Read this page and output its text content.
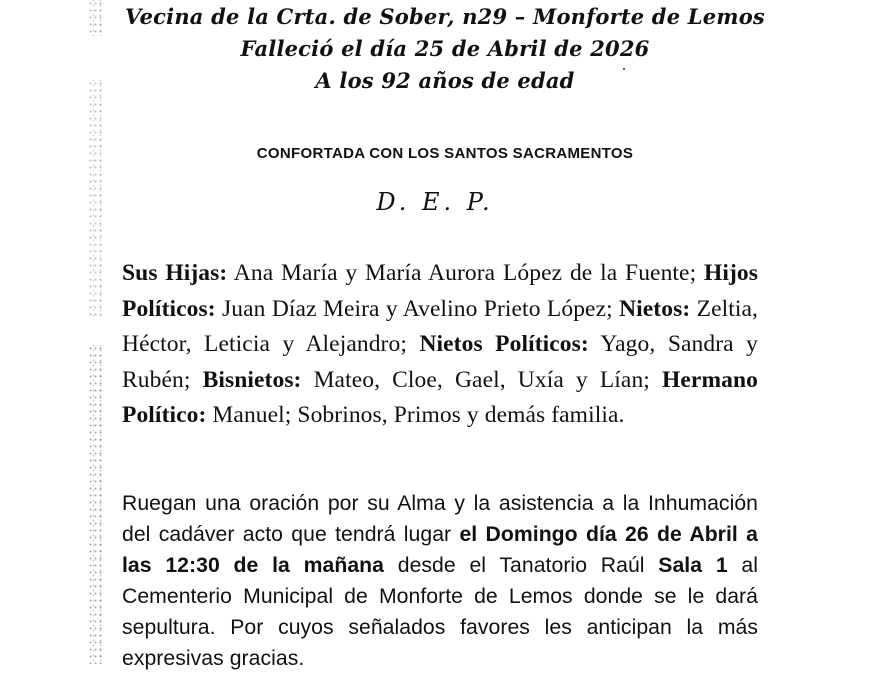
Vecina de la Crta. de Sober, n29 – Monforte de Lemos
Falleció el día 25 de Abril de 2026
A los 92 años de edad
CONFORTADA CON LOS SANTOS SACRAMENTOS
D. E. P.
Sus Hijas: Ana María y María Aurora López de la Fuente; Hijos Políticos: Juan Díaz Meira y Avelino Prieto López; Nietos: Zeltia, Héctor, Leticia y Alejandro; Nietos Políticos: Yago, Sandra y Rubén; Bisnietos: Mateo, Cloe, Gael, Uxía y Lían; Hermano Político: Manuel; Sobrinos, Primos y demás familia.
Ruegan una oración por su Alma y la asistencia a la Inhumación del cadáver acto que tendrá lugar el Domingo día 26 de Abril a las 12:30 de la mañana desde el Tanatorio Raúl Sala 1 al Cementerio Municipal de Monforte de Lemos donde se le dará sepultura. Por cuyos señalados favores les anticipan la más expresivas gracias.
